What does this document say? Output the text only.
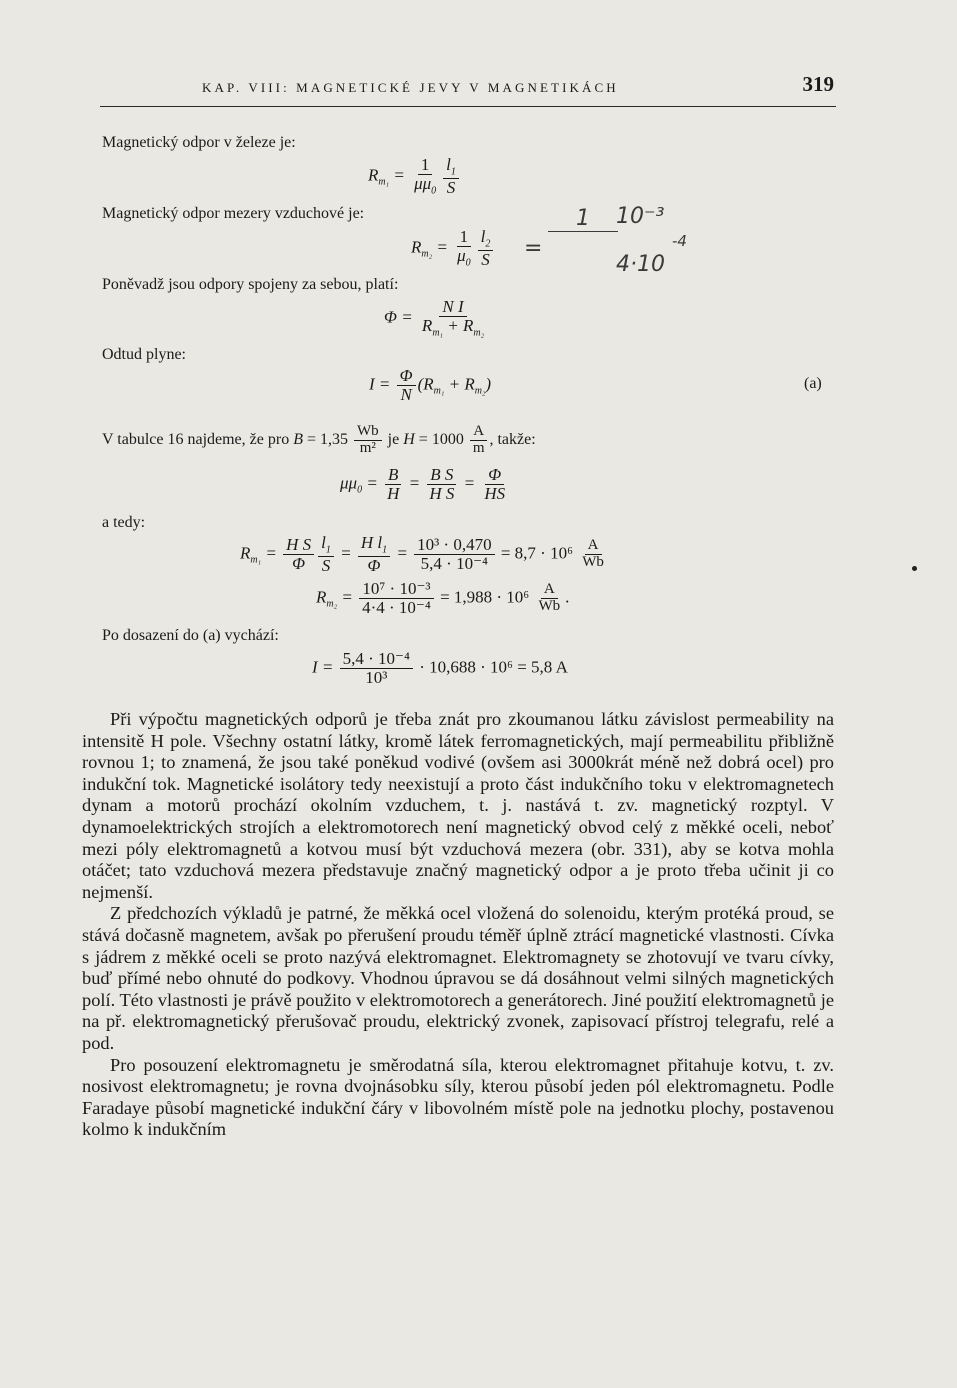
KAP. VIII: MAGNETICKÉ JEVY V MAGNETIKÁCH	319
Magnetický odpor v železe je:
$R_{m_1} = \frac{1}{\mu\mu_0} \frac{l_1}{S}$
Magnetický odpor mezery vzduchové je:
$R_{m_2} = \frac{1}{\mu_0} \frac{l_2}{S}$ =
1	10⁻³
4·10
-4
Poněvadž jsou odpory spojeny za sebou, platí:
$\Phi = \frac{\text{N I}}{R_{m_1} + R_{m_2}}$
Odtud plyne:
$I = \frac{\Phi}{N} (R_{m_1} + R_{m_2})$	(a)
V tabulce 16 najdeme, že pro $B = 1,35 \frac{Wb}{\text{m²}}$ je $H = 1000 \frac{A}{m}$ , takže:
$\mu\mu_0 = \frac{B}{H} = \frac{\text{B S}}{\text{H S}} = \frac{\Phi}{HS}$
a tedy:
$R_{m_1} = \frac{\text{H S}}{\Phi} \frac{l_1}{S} = \frac{H l_1}{\Phi} = \frac{\text{10³ · 0,470}}{\text{5,4 · 10⁻⁴}} = 8,7 \cdot 10^6 \frac{A}{Wb}$
$R_{m_2} = \frac{\text{10⁷ · 10⁻³}}{\text{4·4 · 10⁻⁴}} = 1,988 \cdot 10^6 \frac{A}{Wb}$ .
Po dosazení do (a) vychází:
$I = \frac{\text{5,4 · 10⁻⁴}}{\text{10³}} \cdot 10,688 \cdot 10^6 = 5,8$ A

Při výpočtu magnetických odporů je třeba znát pro zkoumanou látku závislost permeability na intensitě H pole. Všechny ostatní látky, kromě látek ferromagnetických, mají permeabilitu přibližně rovnou 1; to znamená, že jsou také poněkud vodivé (ovšem asi 3000krát méně než dobrá ocel) pro indukční tok. Magnetické isolátory tedy neexistují a proto část indukčního toku v elektromagnetech dynam a motorů prochází okolním vzduchem, t. j. nastává t. zv. magnetický rozptyl. V dynamoelektrických strojích a elektromotorech není magnetický obvod celý z měkké oceli, neboť mezi póly elektromagnetů a kotvou musí být vzduchová mezera (obr. 331), aby se kotva mohla otáčet; tato vzduchová mezera představuje značný magnetický odpor a je proto třeba učinit ji co nejmenší.

Z předchozích výkladů je patrné, že měkká ocel vložená do solenoidu, kterým protéká proud, se stává dočasně magnetem, avšak po přerušení proudu téměř úplně ztrácí magnetické vlastnosti. Cívka s jádrem z měkké oceli se proto nazývá elektromagnet. Elektromagnety se zhotovují ve tvaru cívky, buď přímé nebo ohnuté do podkovy. Vhodnou úpravou se dá dosáhnout velmi silných magnetických polí. Této vlastnosti je právě použito v elektromotorech a generátorech. Jiné použití elektromagnetů je na př. elektromagnetický přerušovač proudu, elektrický zvonek, zapisovací přístroj telegrafu, relé a pod.

Pro posouzení elektromagnetu je směrodatná síla, kterou elektromagnet přitahuje kotvu, t. zv. nosivost elektromagnetu; je rovna dvojnásobku síly, kterou působí jeden pól elektromagnetu. Podle Faradaye působí magnetické indukční čáry v libovolném místě pole na jednotku plochy, postavenou kolmo k indukčním
